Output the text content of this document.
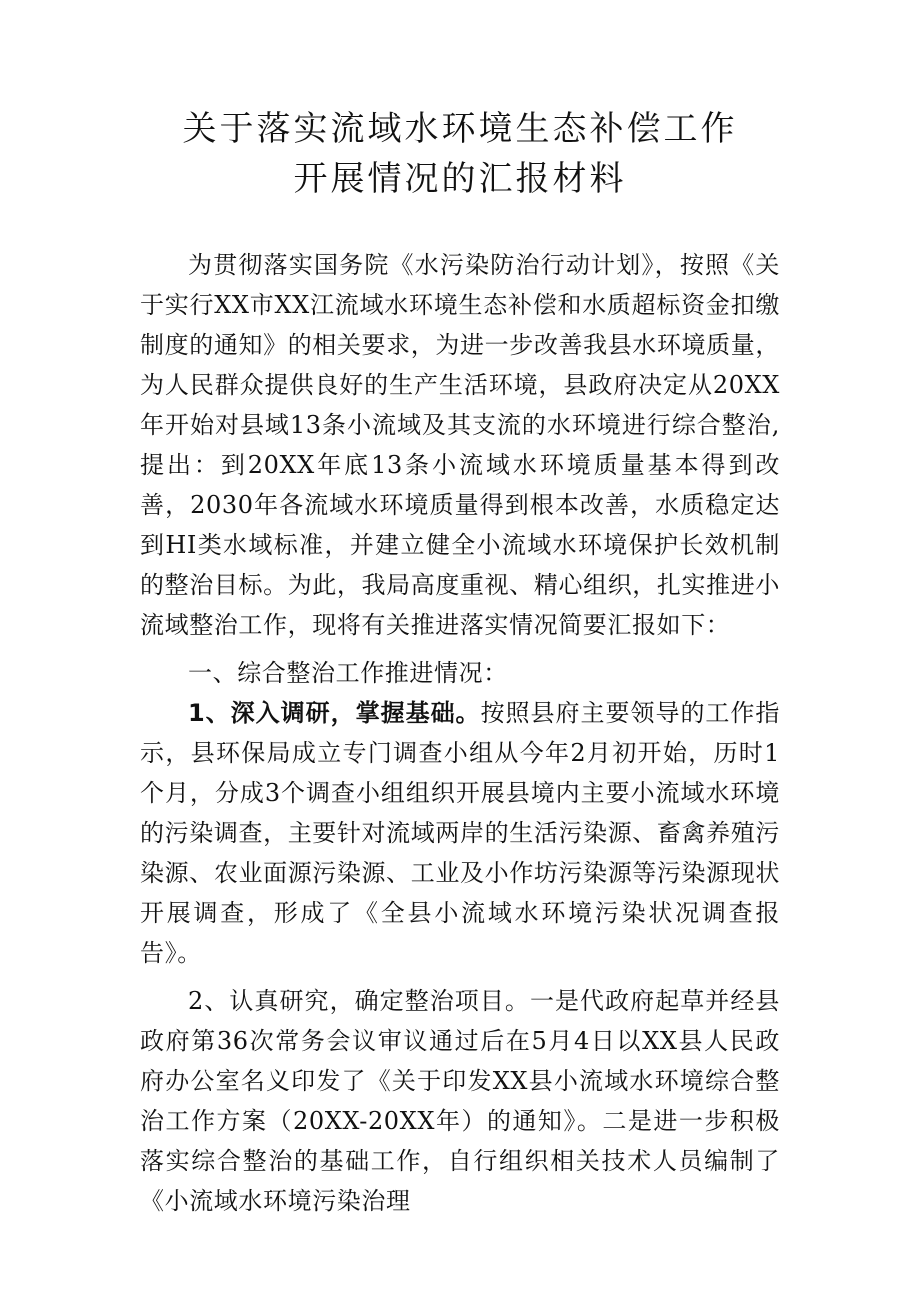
关于落实流域水环境生态补偿工作
开展情况的汇报材料

为贯彻落实国务院《水污染防治行动计划》，按照《关于实行XX市XX江流域水环境生态补偿和水质超标资金扣缴制度的通知》的相关要求，为进一步改善我县水环境质量，为人民群众提供良好的生产生活环境，县政府决定从20XX年开始对县域13条小流域及其支流的水环境进行综合整治,提出：到20XX年底13条小流域水环境质量基本得到改善，2030年各流域水环境质量得到根本改善，水质稳定达到HI类水域标准，并建立健全小流域水环境保护长效机制的整治目标。为此，我局高度重视、精心组织，扎实推进小流域整治工作，现将有关推进落实情况简要汇报如下：

一、综合整治工作推进情况：

1、深入调研，掌握基础。按照县府主要领导的工作指示，县环保局成立专门调查小组从今年2月初开始，历时1个月，分成3个调查小组组织开展县境内主要小流域水环境的污染调查，主要针对流域两岸的生活污染源、畜禽养殖污染源、农业面源污染源、工业及小作坊污染源等污染源现状开展调查，形成了《全县小流域水环境污染状况调查报告》。

2、认真研究，确定整治项目。一是代政府起草并经县政府第36次常务会议审议通过后在5月4日以XX县人民政府办公室名义印发了《关于印发XX县小流域水环境综合整治工作方案（20XX-20XX年）的通知》。二是进一步积极落实综合整治的基础工作，自行组织相关技术人员编制了《小流域水环境污染治理
